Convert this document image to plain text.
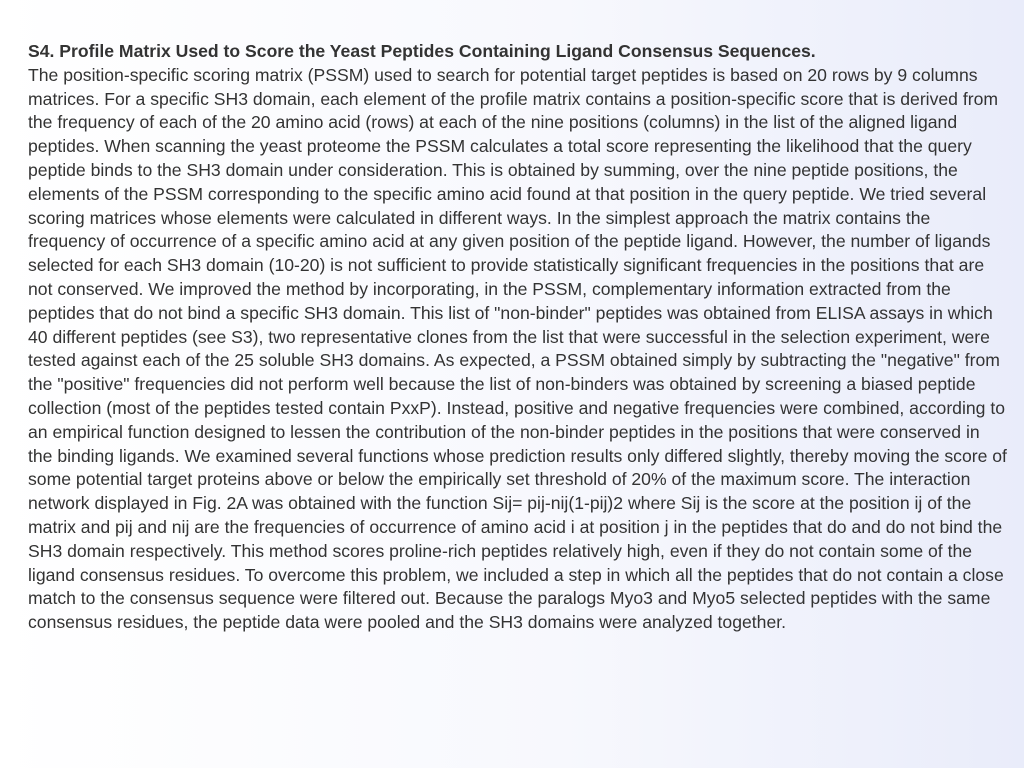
S4. Profile Matrix Used to Score the Yeast Peptides Containing Ligand Consensus Sequences.

The position-specific scoring matrix (PSSM) used to search for potential target peptides is based on 20 rows by 9 columns matrices. For a specific SH3 domain, each element of the profile matrix contains a position-specific score that is derived from the frequency of each of the 20 amino acid (rows) at each of the nine positions (columns) in the list of the aligned ligand peptides. When scanning the yeast proteome the PSSM calculates a total score representing the likelihood that the query peptide binds to the SH3 domain under consideration. This is obtained by summing, over the nine peptide positions, the elements of the PSSM corresponding to the specific amino acid found at that position in the query peptide. We tried several scoring matrices whose elements were calculated in different ways. In the simplest approach the matrix contains the frequency of occurrence of a specific amino acid at any given position of the peptide ligand. However, the number of ligands selected for each SH3 domain (10-20) is not sufficient to provide statistically significant frequencies in the positions that are not conserved. We improved the method by incorporating, in the PSSM, complementary information extracted from the peptides that do not bind a specific SH3 domain. This list of "non-binder" peptides was obtained from ELISA assays in which 40 different peptides (see S3), two representative clones from the list that were successful in the selection experiment, were tested against each of the 25 soluble SH3 domains. As expected, a PSSM obtained simply by subtracting the "negative" from the "positive" frequencies did not perform well because the list of non-binders was obtained by screening a biased peptide collection (most of the peptides tested contain PxxP). Instead, positive and negative frequencies were combined, according to an empirical function designed to lessen the contribution of the non-binder peptides in the positions that were conserved in the binding ligands. We examined several functions whose prediction results only differed slightly, thereby moving the score of some potential target proteins above or below the empirically set threshold of 20% of the maximum score. The interaction network displayed in Fig. 2A was obtained with the function Sij= pij-nij(1-pij)2 where Sij is the score at the position ij of the matrix and pij and nij are the frequencies of occurrence of amino acid i at position j in the peptides that do and do not bind the SH3 domain respectively. This method scores proline-rich peptides relatively high, even if they do not contain some of the ligand consensus residues. To overcome this problem, we included a step in which all the peptides that do not contain a close match to the consensus sequence were filtered out. Because the paralogs Myo3 and Myo5 selected peptides with the same consensus residues, the peptide data were pooled and the SH3 domains were analyzed together.
